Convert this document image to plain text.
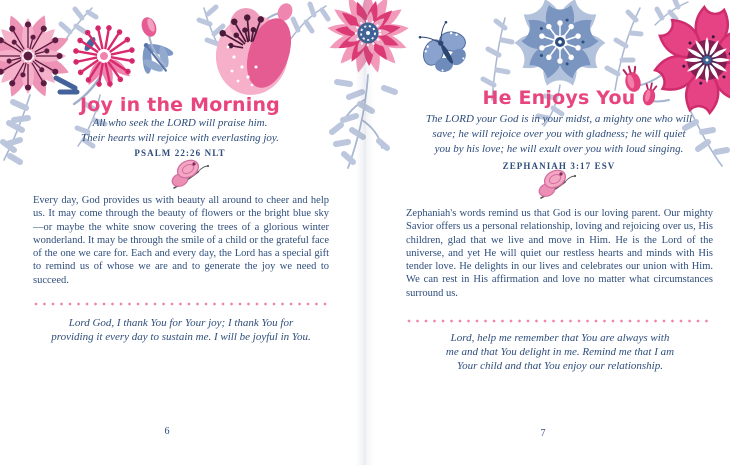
Joy in the Morning
All who seek the LORD will praise him.
Their hearts will rejoice with everlasting joy.
PSALM 22:26 NLT
Every day, God provides us with beauty all around to cheer and help us. It may come through the beauty of flowers or the bright blue sky—or maybe the white snow covering the trees of a glorious winter wonderland. It may be through the smile of a child or the grateful face of the one we care for. Each and every day, the Lord has a special gift to remind us of whose we are and to generate the joy we need to succeed.
Lord God, I thank You for Your joy; I thank You for
providing it every day to sustain me. I will be joyful in You.
6
He Enjoys You
The LORD your God is in your midst, a mighty one who will
save; he will rejoice over you with gladness; he will quiet
you by his love; he will exult over you with loud singing.
ZEPHANIAH 3:17 ESV
Zephaniah's words remind us that God is our loving parent. Our mighty Savior offers us a personal relationship, loving and rejoicing over us, His children, glad that we live and move in Him. He is the Lord of the universe, and yet He will quiet our restless hearts and minds with His tender love. He delights in our lives and celebrates our union with Him. We can rest in His affirmation and love no matter what circumstances surround us.
Lord, help me remember that You are always with
me and that You delight in me. Remind me that I am
Your child and that You enjoy our relationship.
7
